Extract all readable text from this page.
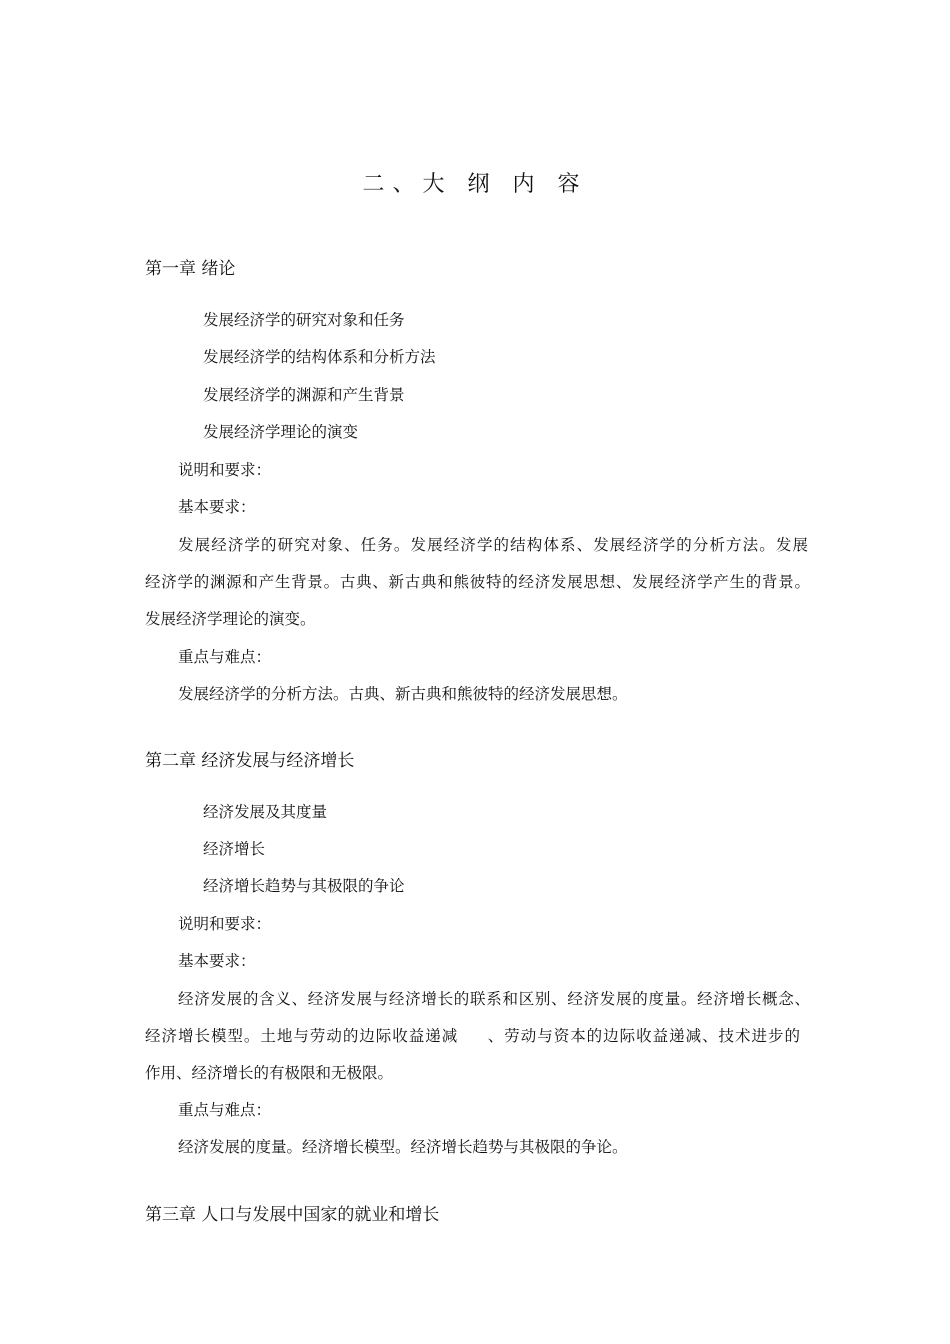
二、大 纲 内 容
第一章 绪论
发展经济学的研究对象和任务
发展经济学的结构体系和分析方法
发展经济学的渊源和产生背景
发展经济学理论的演变
说明和要求：
基本要求：
发展经济学的研究对象、任务。发展经济学的结构体系、发展经济学的分析方法。发展
经济学的渊源和产生背景。古典、新古典和熊彼特的经济发展思想、发展经济学产生的背景。
发展经济学理论的演变。
重点与难点：
发展经济学的分析方法。古典、新古典和熊彼特的经济发展思想。
第二章 经济发展与经济增长
经济发展及其度量
经济增长
经济增长趋势与其极限的争论
说明和要求：
基本要求：
经济发展的含义、经济发展与经济增长的联系和区别、经济发展的度量。经济增长概念、
经济增长模型。土地与劳动的边际收益递减     、劳动与资本的边际收益递减、技术进步的
作用、经济增长的有极限和无极限。
重点与难点：
经济发展的度量。经济增长模型。经济增长趋势与其极限的争论。
第三章 人口与发展中国家的就业和增长
